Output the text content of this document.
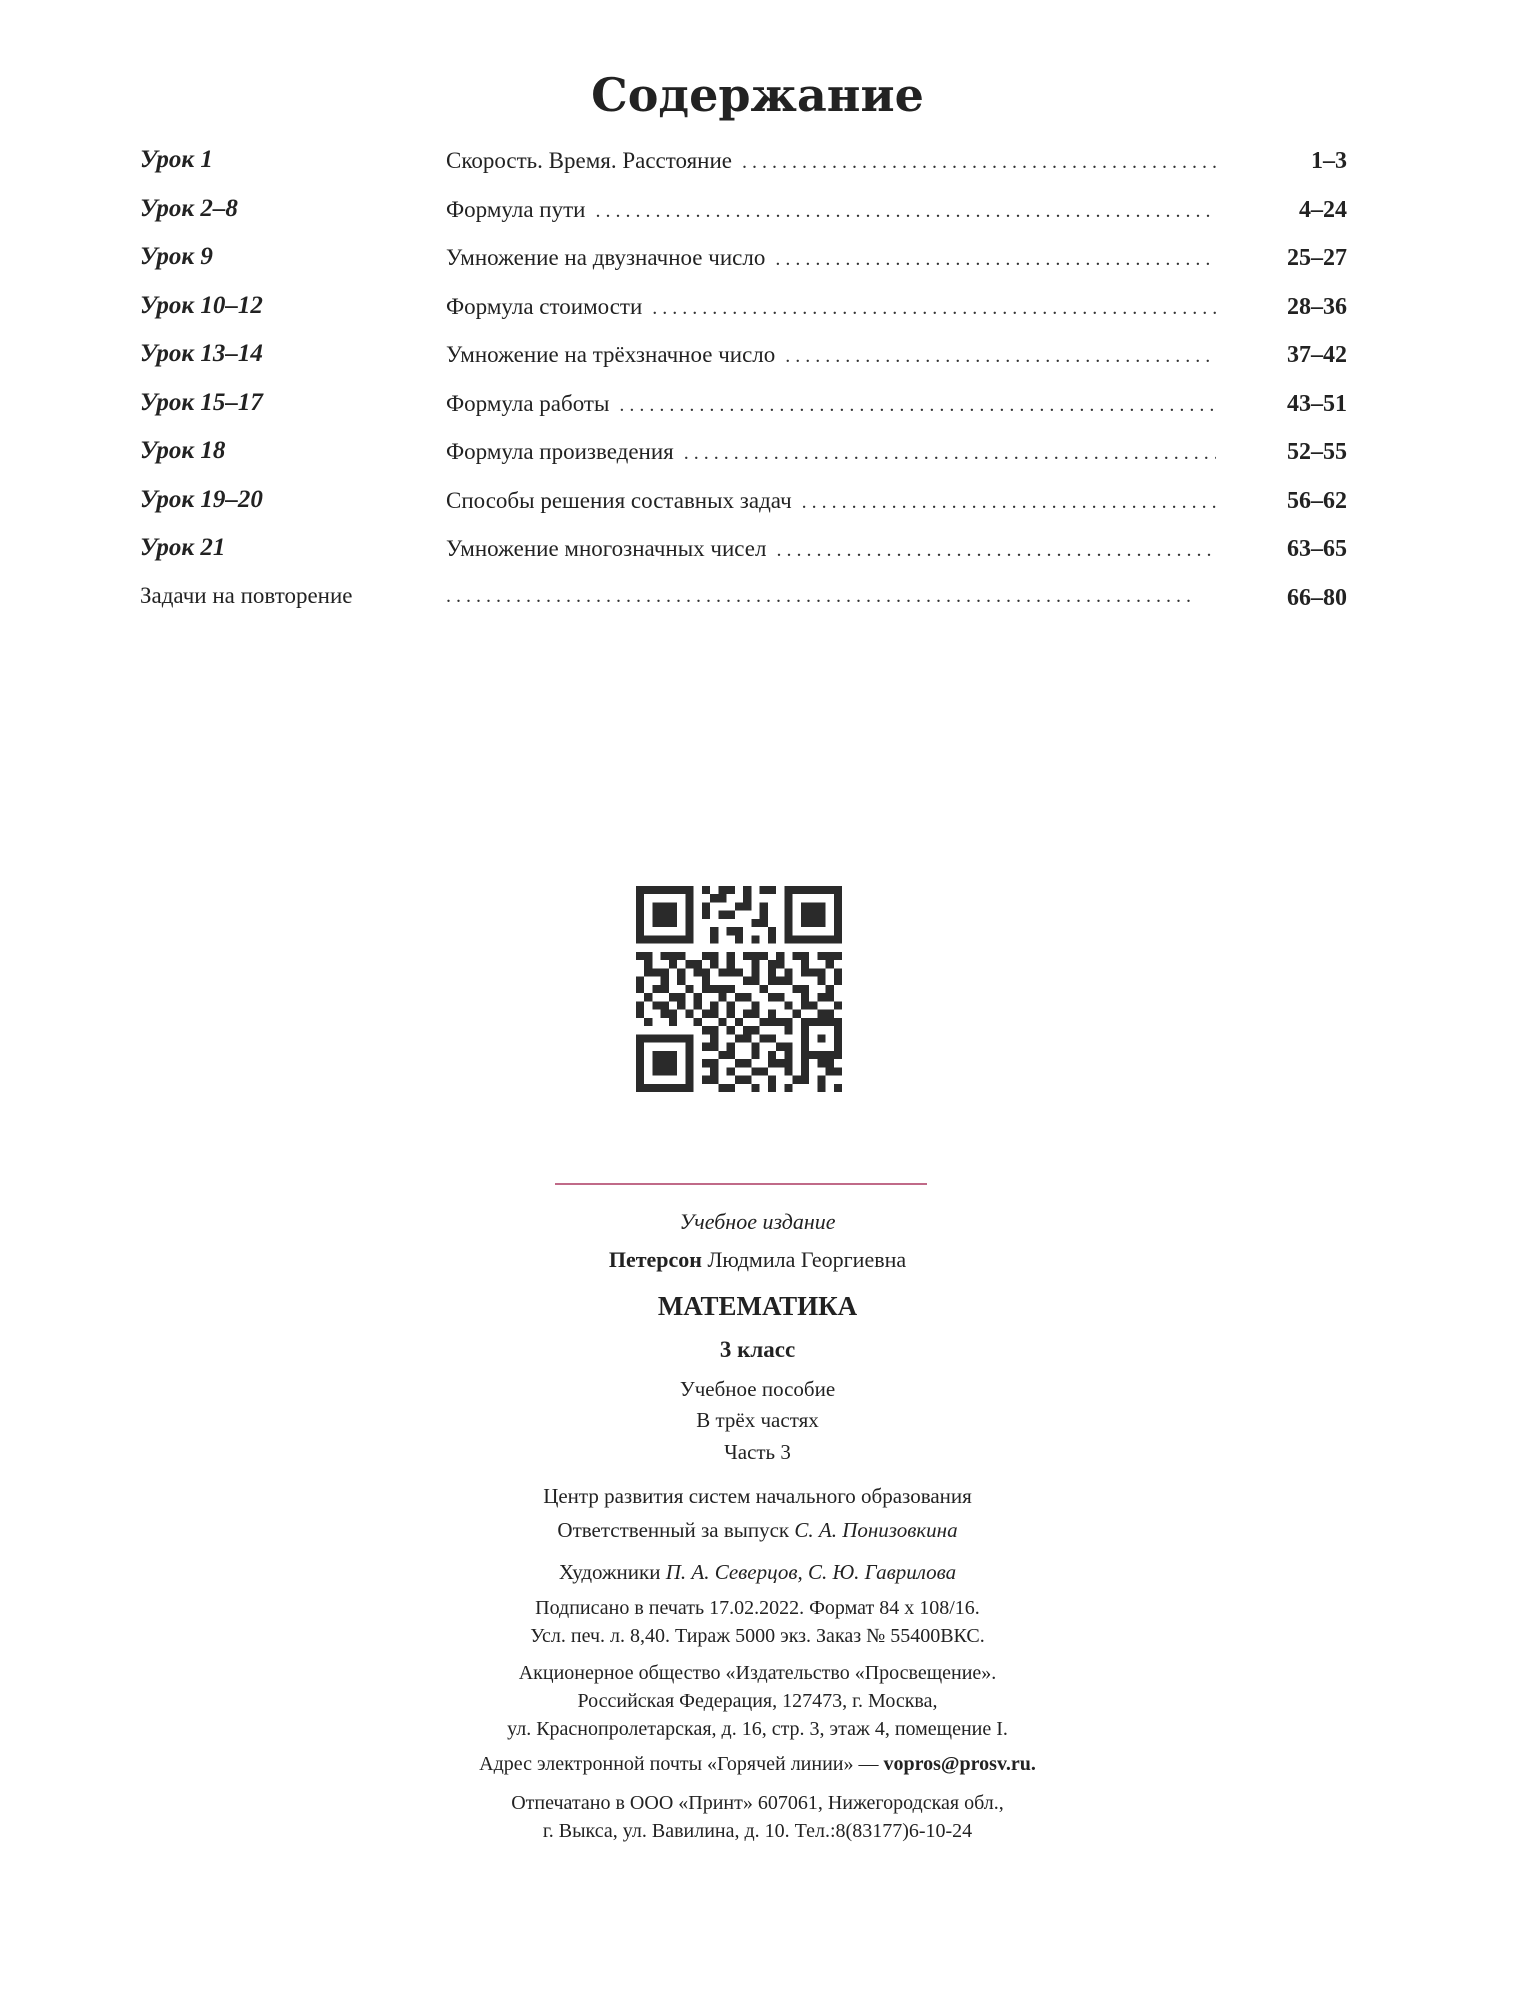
Содержание
Урок 1	Скорость. Время. Расстояние . . .	1–3
Урок 2–8	Формула пути . . .	4–24
Урок 9	Умножение на двузначное число . . .	25–27
Урок 10–12	Формула стоимости . . .	28–36
Урок 13–14	Умножение на трёхзначное число . . .	37–42
Урок 15–17	Формула работы . . .	43–51
Урок 18	Формула произведения . . .	52–55
Урок 19–20	Способы решения составных задач . . .	56–62
Урок 21	Умножение многозначных чисел . . .	63–65
Задачи на повторение . . .	66–80
Учебное издание
Петерсон Людмила Георгиевна
МАТЕМАТИКА
3 класс
Учебное пособие
В трёх частях
Часть 3
Центр развития систем начального образования
Ответственный за выпуск С. А. Понизовкина
Художники П. А. Северцов, С. Ю. Гаврилова
Подписано в печать 17.02.2022. Формат 84 x 108/16.
Усл. печ. л. 8,40. Тираж 5000 экз. Заказ № 55400ВКС.
Акционерное общество «Издательство «Просвещение».
Российская Федерация, 127473, г. Москва,
ул. Краснопролетарская, д. 16, стр. 3, этаж 4, помещение I.
Адрес электронной почты «Горячей линии» — vopros@prosv.ru.
Отпечатано в ООО «Принт» 607061, Нижегородская обл.,
г. Выкса, ул. Вавилина, д. 10. Тел.:8(83177)6-10-24
